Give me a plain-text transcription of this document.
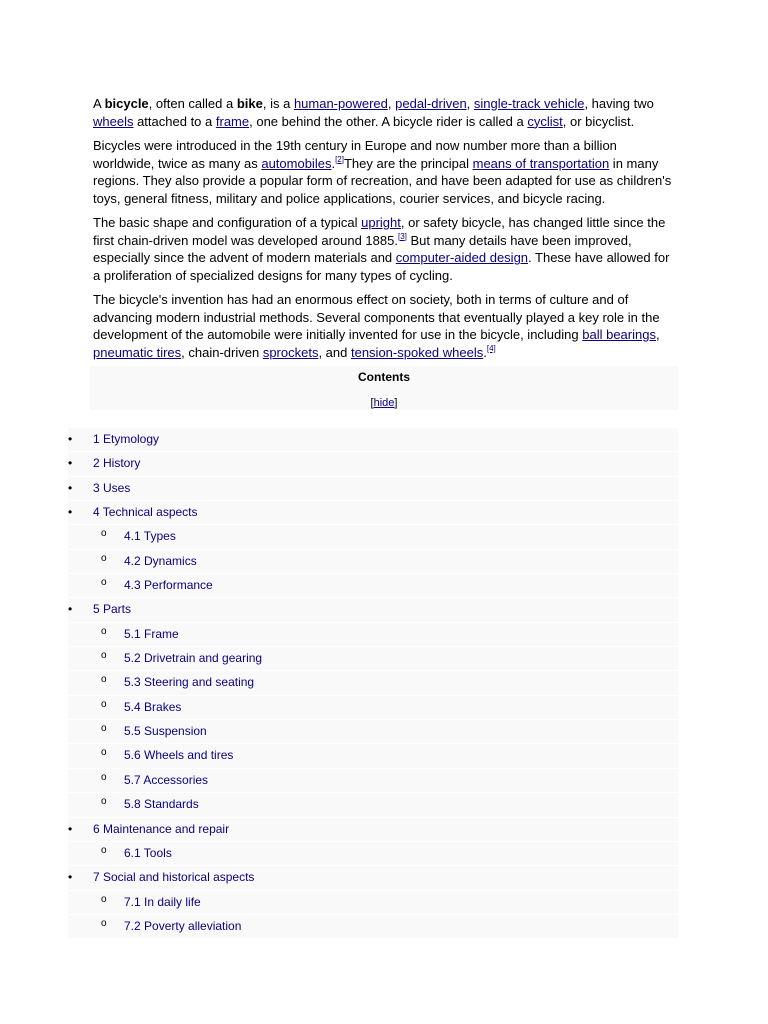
A bicycle, often called a bike, is a human-powered, pedal-driven, single-track vehicle, having two wheels attached to a frame, one behind the other. A bicycle rider is called a cyclist, or bicyclist.

Bicycles were introduced in the 19th century in Europe and now number more than a billion worldwide, twice as many as automobiles.[2]They are the principal means of transportation in many regions. They also provide a popular form of recreation, and have been adapted for use as children's toys, general fitness, military and police applications, courier services, and bicycle racing.

The basic shape and configuration of a typical upright, or safety bicycle, has changed little since the first chain-driven model was developed around 1885.[3] But many details have been improved, especially since the advent of modern materials and computer-aided design. These have allowed for a proliferation of specialized designs for many types of cycling.

The bicycle's invention has had an enormous effect on society, both in terms of culture and of advancing modern industrial methods. Several components that eventually played a key role in the development of the automobile were initially invented for use in the bicycle, including ball bearings, pneumatic tires, chain-driven sprockets, and tension-spoked wheels.[4]

Contents
[hide]
• 1 Etymology
• 2 History
• 3 Uses
• 4 Technical aspects
o 4.1 Types
o 4.2 Dynamics
o 4.3 Performance
• 5 Parts
o 5.1 Frame
o 5.2 Drivetrain and gearing
o 5.3 Steering and seating
o 5.4 Brakes
o 5.5 Suspension
o 5.6 Wheels and tires
o 5.7 Accessories
o 5.8 Standards
• 6 Maintenance and repair
o 6.1 Tools
• 7 Social and historical aspects
o 7.1 In daily life
o 7.2 Poverty alleviation
